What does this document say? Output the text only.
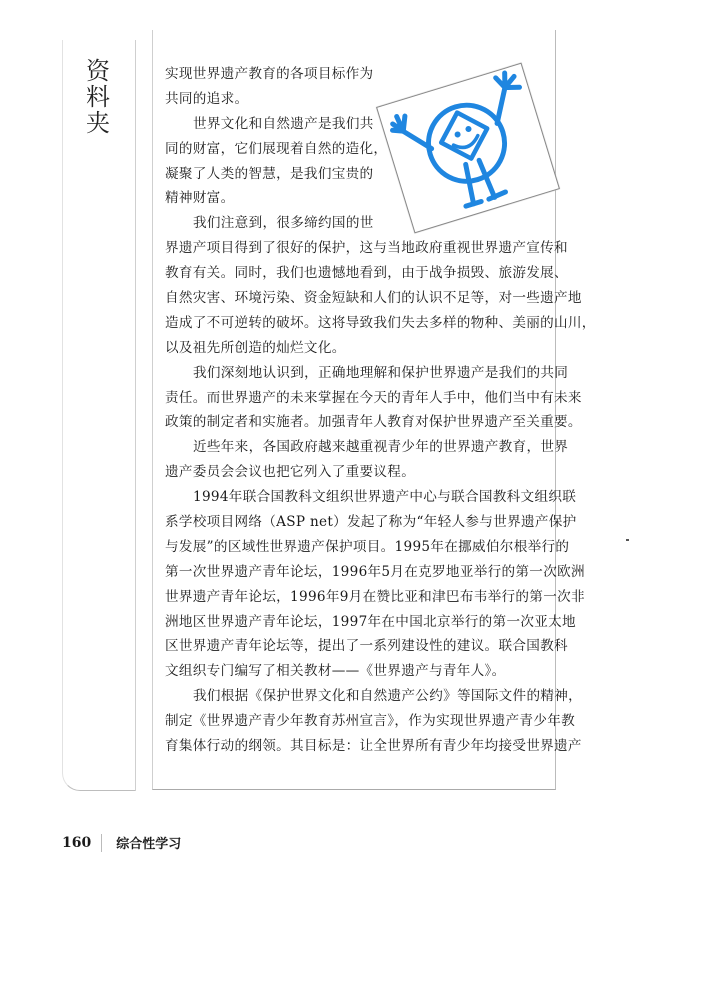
资料夹
实现世界遗产教育的各项目标作为
共同的追求。
世界文化和自然遗产是我们共
同的财富，它们展现着自然的造化，
凝聚了人类的智慧，是我们宝贵的
精神财富。
我们注意到，很多缔约国的世
界遗产项目得到了很好的保护，这与当地政府重视世界遗产宣传和
教育有关。同时，我们也遗憾地看到，由于战争损毁、旅游发展、
自然灾害、环境污染、资金短缺和人们的认识不足等，对一些遗产地
造成了不可逆转的破坏。这将导致我们失去多样的物种、美丽的山川，
以及祖先所创造的灿烂文化。
我们深刻地认识到，正确地理解和保护世界遗产是我们的共同
责任。而世界遗产的未来掌握在今天的青年人手中，他们当中有未来
政策的制定者和实施者。加强青年人教育对保护世界遗产至关重要。
近些年来，各国政府越来越重视青少年的世界遗产教育，世界
遗产委员会会议也把它列入了重要议程。
1994年联合国教科文组织世界遗产中心与联合国教科文组织联
系学校项目网络（ASP net）发起了称为“年轻人参与世界遗产保护
与发展”的区域性世界遗产保护项目。1995年在挪威伯尔根举行的
第一次世界遗产青年论坛，1996年5月在克罗地亚举行的第一次欧洲
世界遗产青年论坛，1996年9月在赞比亚和津巴布韦举行的第一次非
洲地区世界遗产青年论坛，1997年在中国北京举行的第一次亚太地
区世界遗产青年论坛等，提出了一系列建设性的建议。联合国教科
文组织专门编写了相关教材——《世界遗产与青年人》。
我们根据《保护世界文化和自然遗产公约》等国际文件的精神，
制定《世界遗产青少年教育苏州宣言》，作为实现世界遗产青少年教
育集体行动的纲领。其目标是：让全世界所有青少年均接受世界遗产
160 综合性学习
